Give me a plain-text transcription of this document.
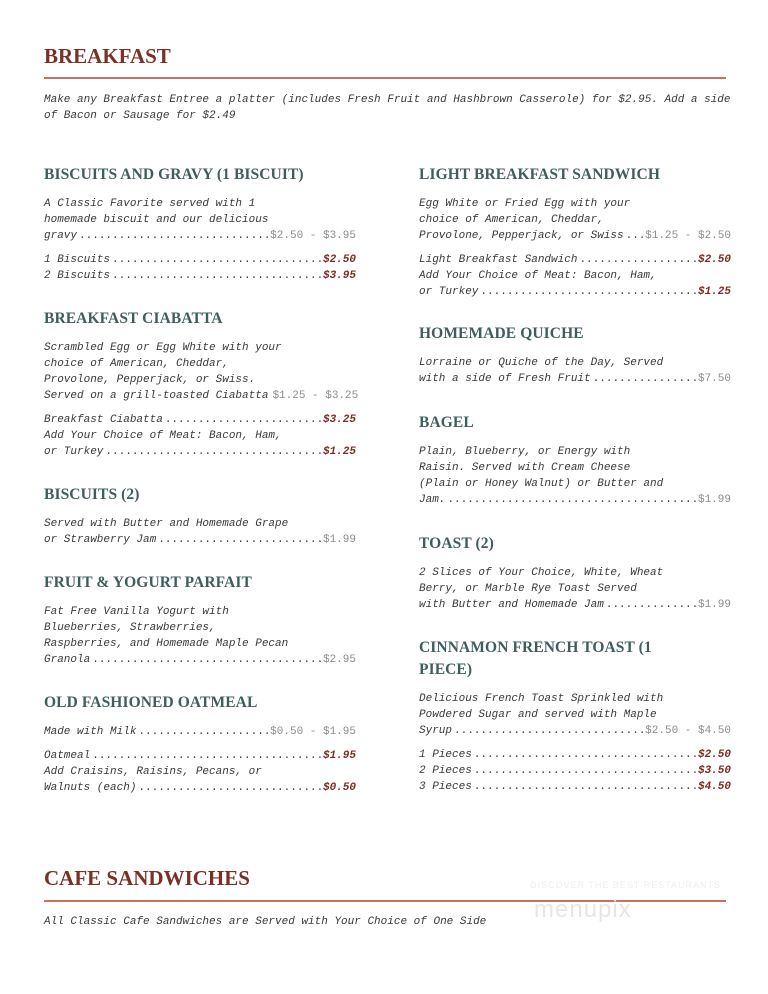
BREAKFAST

Make any Breakfast Entree a platter (includes Fresh Fruit and Hashbrown Casserole) for $2.95. Add a side of Bacon or Sausage for $2.49

BISCUITS AND GRAVY (1 BISCUIT)

A Classic Favorite served with 1
homemade biscuit and our delicious

gravy .....	$2.50 - $3.95
1 Biscuits .....	$2.50
2 Biscuits .....	$3.95
BREAKFAST CIABATTA

Scrambled Egg or Egg White with your
choice of American, Cheddar,
Provolone, Pepperjack, or Swiss.

Served on a grill-toasted Ciabatta $1.25 - $3.25
Breakfast Ciabatta .....	$3.25
Add Your Choice of Meat: Bacon, Ham,
or Turkey .....	$1.25
BISCUITS (2)

Served with Butter and Homemade Grape

or Strawberry Jam .....	$1.99
FRUIT & YOGURT PARFAIT

Fat Free Vanilla Yogurt with
Blueberries, Strawberries,
Raspberries, and Homemade Maple Pecan

Granola .....	$2.95
OLD FASHIONED OATMEAL
Made with Milk .....	$0.50 - $1.95
Oatmeal .....	$1.95
Add Craisins, Raisins, Pecans, or
Walnuts (each) .....	$0.50
LIGHT BREAKFAST SANDWICH

Egg White or Fried Egg with your
choice of American, Cheddar,

Provolone, Pepperjack, or Swiss ..... $1.25 - $2.50
Light Breakfast Sandwich .....	$2.50
Add Your Choice of Meat: Bacon, Ham,
or Turkey .....	$1.25
HOMEMADE QUICHE

Lorraine or Quiche of the Day, Served

with a side of Fresh Fruit .....	$7.50
BAGEL

Plain, Blueberry, or Energy with
Raisin. Served with Cream Cheese
(Plain or Honey Walnut) or Butter and

Jam. .....	$1.99
TOAST (2)

2 Slices of Your Choice, White, Wheat
Berry, or Marble Rye Toast Served

with Butter and Homemade Jam .....	$1.99
CINNAMON FRENCH TOAST (1 PIECE)

Delicious French Toast Sprinkled with
Powdered Sugar and served with Maple

Syrup .....	$2.50 - $4.50
1 Pieces .....	$2.50
2 Pieces .....	$3.50
3 Pieces .....	$4.50
CAFE SANDWICHES	DISCOVER THE BEST RESTAURANTS

All Classic Cafe Sandwiches are Served with Your Choice of One Side	menupix
